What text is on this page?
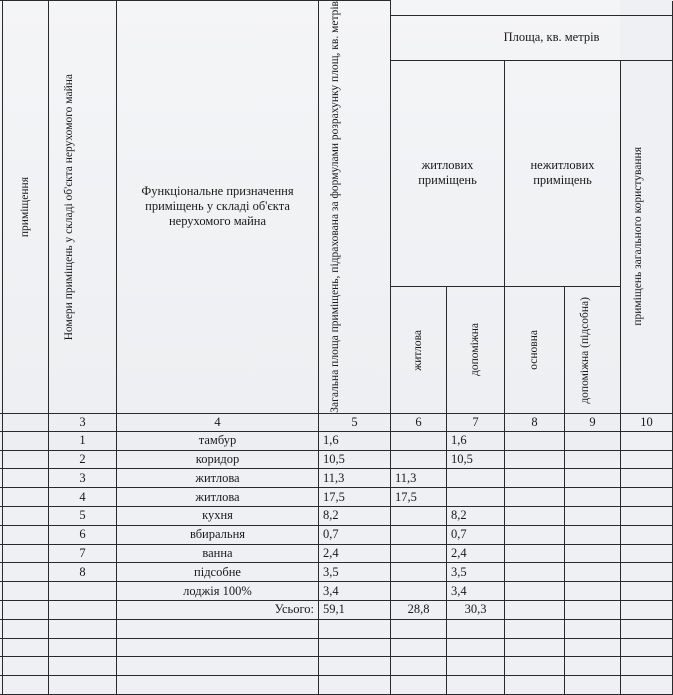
	приміщення	Номери приміщень у складі об'єкта нерухомого майна	Функціональне призначення приміщень у складі об'єкта нерухомого майна	Загальна площа приміщень, підрахована за формулами розрахунку площ, кв. метрів					

					Площа, кв. метрів				
					житлових приміщень		нежитлових приміщень		приміщень загального користування

					житлова	допоміжна	основна	допоміжна (підсобна)	

		3	4	5	6	7	8	9	10
		1	тамбур	1,6		1,6			
		2	коридор	10,5		10,5			
		3	житлова	11,3	11,3				
		4	житлова	17,5	17,5				
		5	кухня	8,2		8,2			
		6	вбиральня	0,7		0,7			
		7	ванна	2,4		2,4			
		8	підсобне	3,5		3,5			
			лоджія 100%	3,4		3,4			
			Усього:	59,1	28,8	30,3			
